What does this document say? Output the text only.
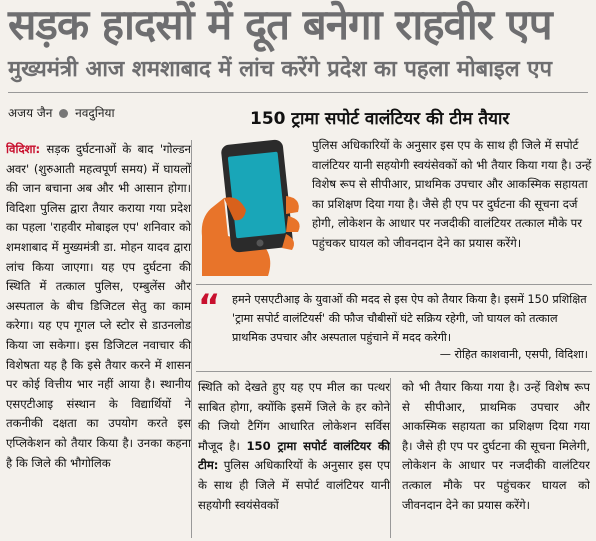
सड़क हादसों में दूत बनेगा राहवीर एप
मुख्यमंत्री आज शमशाबाद में लांच करेंगे प्रदेश का पहला मोबाइल एप
अजय जैन नवदुनिया

विदिशा: सड़क दुर्घटनाओं के बाद 'गोल्डन अवर' (शुरुआती महत्वपूर्ण समय) में घायलों की जान बचाना अब और भी आसान होगा। विदिशा पुलिस द्वारा तैयार कराया गया प्रदेश का पहला 'राहवीर मोबाइल एप' शनिवार को शमशाबाद में मुख्यमंत्री डा. मोहन यादव द्वारा लांच किया जाएगा। यह एप दुर्घटना की स्थिति में तत्काल पुलिस, एम्बुलेंस और अस्पताल के बीच डिजिटल सेतु का काम करेगा। यह एप गूगल प्ले स्टोर से डाउनलोड किया जा सकेगा। इस डिजिटल नवाचार की विशेषता यह है कि इसे तैयार करने में शासन पर कोई वित्तीय भार नहीं आया है। स्थानीय एसएटीआइ संस्थान के विद्यार्थियों ने तकनीकी दक्षता का उपयोग करते इस एप्लिकेशन को तैयार किया है। उनका कहना है कि जिले की भौगोलिक

150 ट्रामा सपोर्ट वालंटियर की टीम तैयार

पुलिस अधिकारियों के अनुसार इस एप के साथ ही जिले में सपोर्ट वालंटियर यानी सहयोगी स्वयंसेवकों को भी तैयार किया गया है। उन्हें विशेष रूप से सीपीआर, प्राथमिक उपचार और आकस्मिक सहायता का प्रशिक्षण दिया गया है। जैसे ही एप पर दुर्घटना की सूचना दर्ज होगी, लोकेशन के आधार पर नजदीकी वालंटियर तत्काल मौके पर पहुंचकर घायल को जीवनदान देने का प्रयास करेंगे।

“ हमने एसएटीआइ के युवाओं की मदद से इस ऐप को तैयार किया है। इसमें 150 प्रशिक्षित 'ट्रामा सपोर्ट वालंटियर्स' की फौज चौबीसों घंटे सक्रिय रहेगी, जो घायल को तत्काल प्राथमिक उपचार और अस्पताल पहुंचाने में मदद करेगी।

— रोहित काशवानी, एसपी, विदिशा।

स्थिति को देखते हुए यह एप मील का पत्थर साबित होगा, क्योंकि इसमें जिले के हर कोने की जियो टैगिंग आधारित लोकेशन सर्विस मौजूद है। 150 ट्रामा सपोर्ट वालंटियर की टीम: पुलिस अधिकारियों के अनुसार इस एप के साथ ही जिले में सपोर्ट वालंटियर यानी सहयोगी स्वयंसेवकों

को भी तैयार किया गया है। उन्हें विशेष रूप से सीपीआर, प्राथमिक उपचार और आकस्मिक सहायता का प्रशिक्षण दिया गया है। जैसे ही एप पर दुर्घटना की सूचना मिलेगी, लोकेशन के आधार पर नजदीकी वालंटियर तत्काल मौके पर पहुंचकर घायल को जीवनदान देने का प्रयास करेंगे।
